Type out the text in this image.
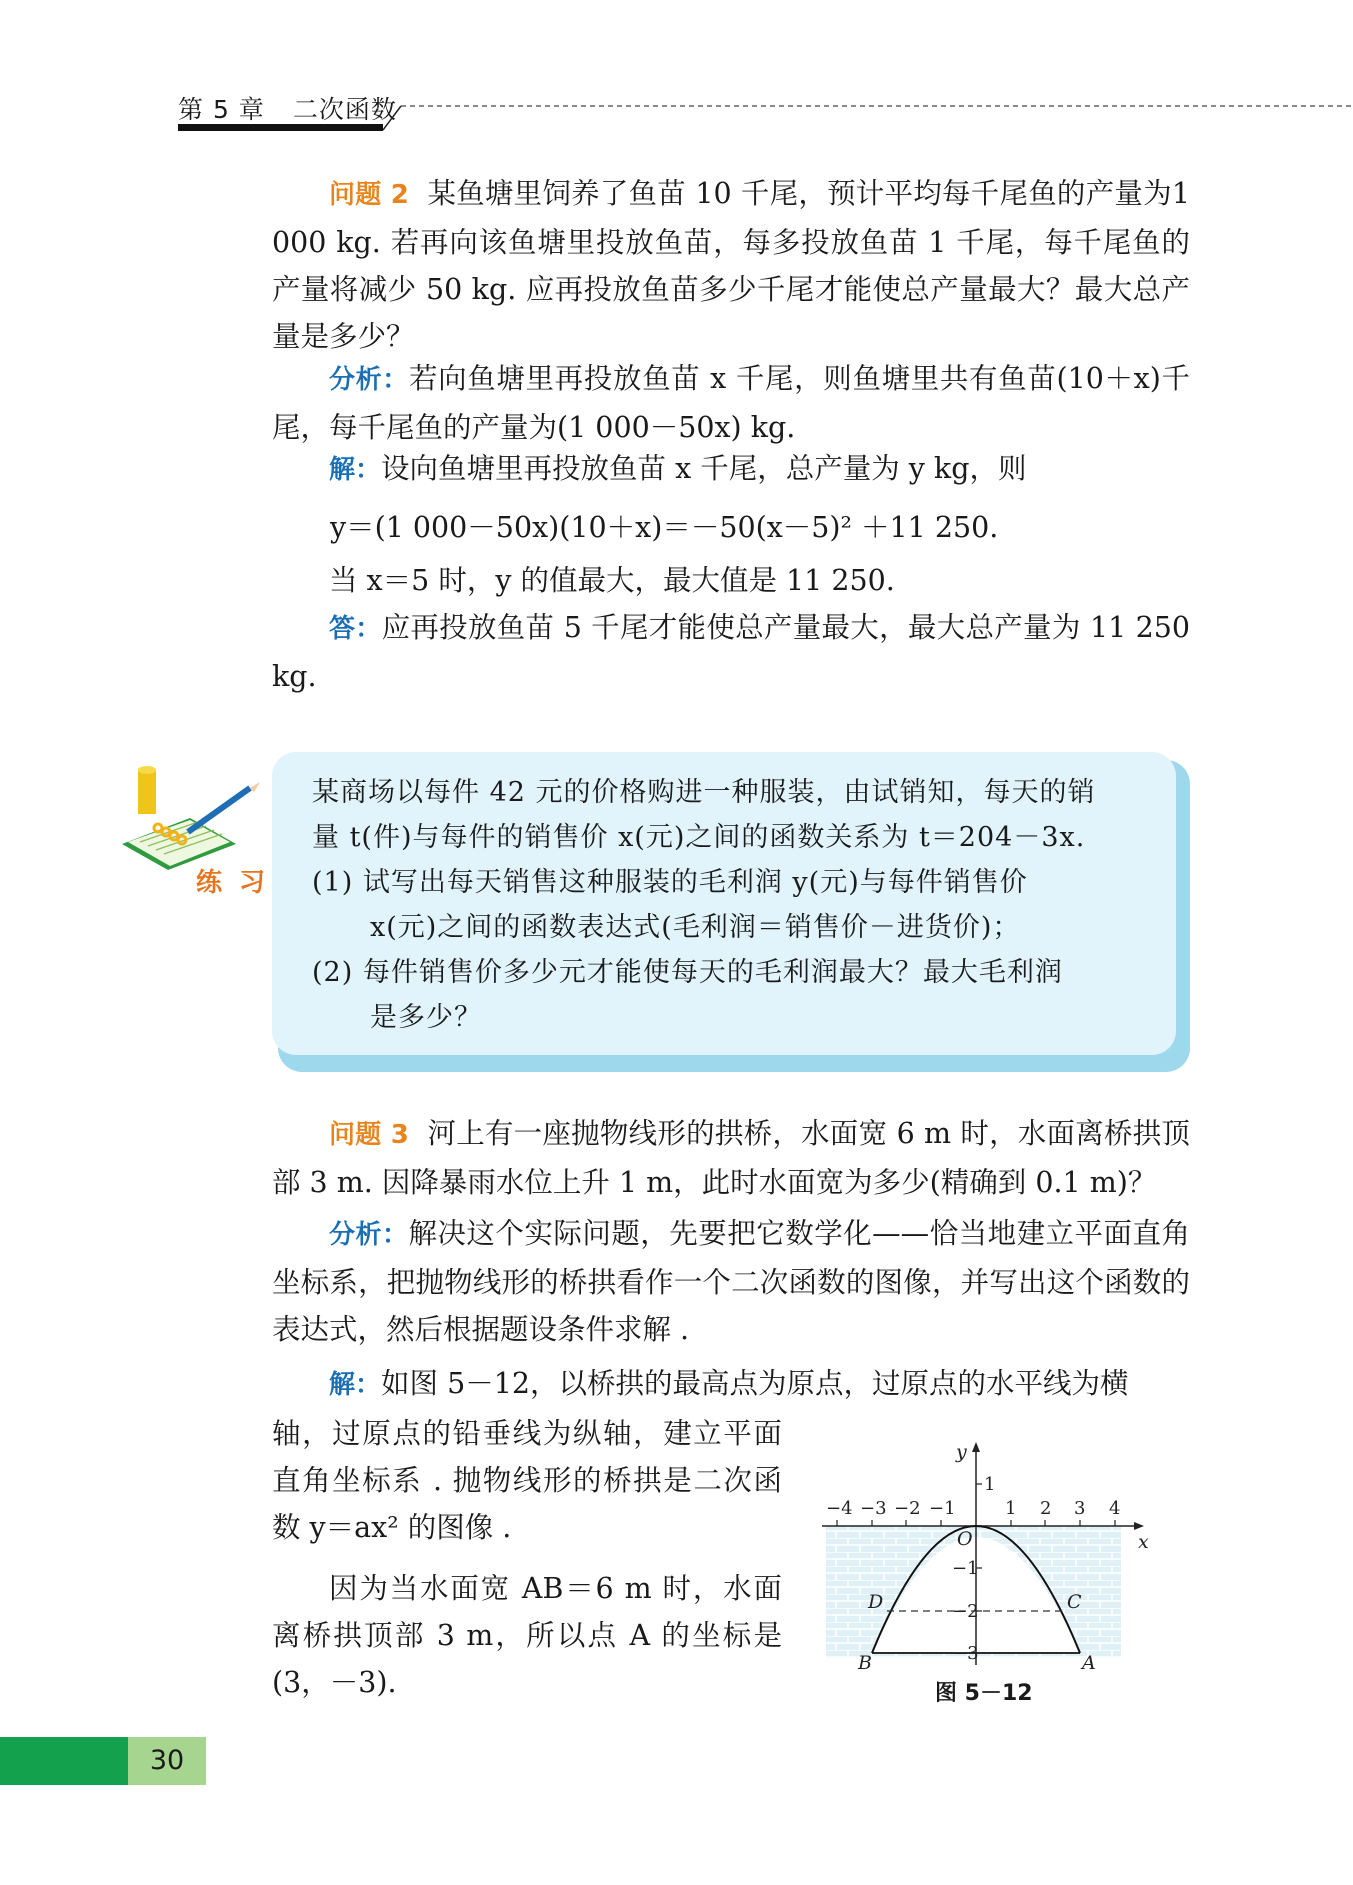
第 5 章 二次函数
问题 2 某鱼塘里饲养了鱼苗 10 千尾，预计平均每千尾鱼的产量为1 000 kg. 若再向该鱼塘里投放鱼苗，每多投放鱼苗 1 千尾，每千尾鱼的产量将减少 50 kg. 应再投放鱼苗多少千尾才能使总产量最大？最大总产量是多少？
分析：若向鱼塘里再投放鱼苗 x 千尾，则鱼塘里共有鱼苗(10＋x)千尾，每千尾鱼的产量为(1 000－50x) kg.
解：设向鱼塘里再投放鱼苗 x 千尾，总产量为 y kg，则
y＝(1 000－50x)(10＋x)＝－50(x－5)² ＋11 250.
当 x＝5 时，y 的值最大，最大值是 11 250.
答：应再投放鱼苗 5 千尾才能使总产量最大，最大总产量为 11 250 kg.
练 习
某商场以每件 42 元的价格购进一种服装，由试销知，每天的销
量 t(件)与每件的销售价 x(元)之间的函数关系为 t＝204－3x.
(1) 试写出每天销售这种服装的毛利润 y(元)与每件销售价
x(元)之间的函数表达式(毛利润＝销售价－进货价)；
(2) 每件销售价多少元才能使每天的毛利润最大？最大毛利润
是多少？
问题 3 河上有一座抛物线形的拱桥，水面宽 6 m 时，水面离桥拱顶部 3 m. 因降暴雨水位上升 1 m，此时水面宽为多少(精确到 0.1 m)？
分析：解决这个实际问题，先要把它数学化——恰当地建立平面直角坐标系，把抛物线形的桥拱看作一个二次函数的图像，并写出这个函数的表达式，然后根据题设条件求解 .
解：如图 5－12，以桥拱的最高点为原点，过原点的水平线为横
轴，过原点的铅垂线为纵轴，建立平面直角坐标系 . 抛物线形的桥拱是二次函数 y＝ax² 的图像 .
因为当水面宽 AB＝6 m 时，水面离桥拱顶部 3 m，所以点 A 的坐标是(3，－3).
−4 −3 −2 −1	1 2 3 4
1
−1
−2
−3
x
y
O
A
B
C
D
图 5－12
30
